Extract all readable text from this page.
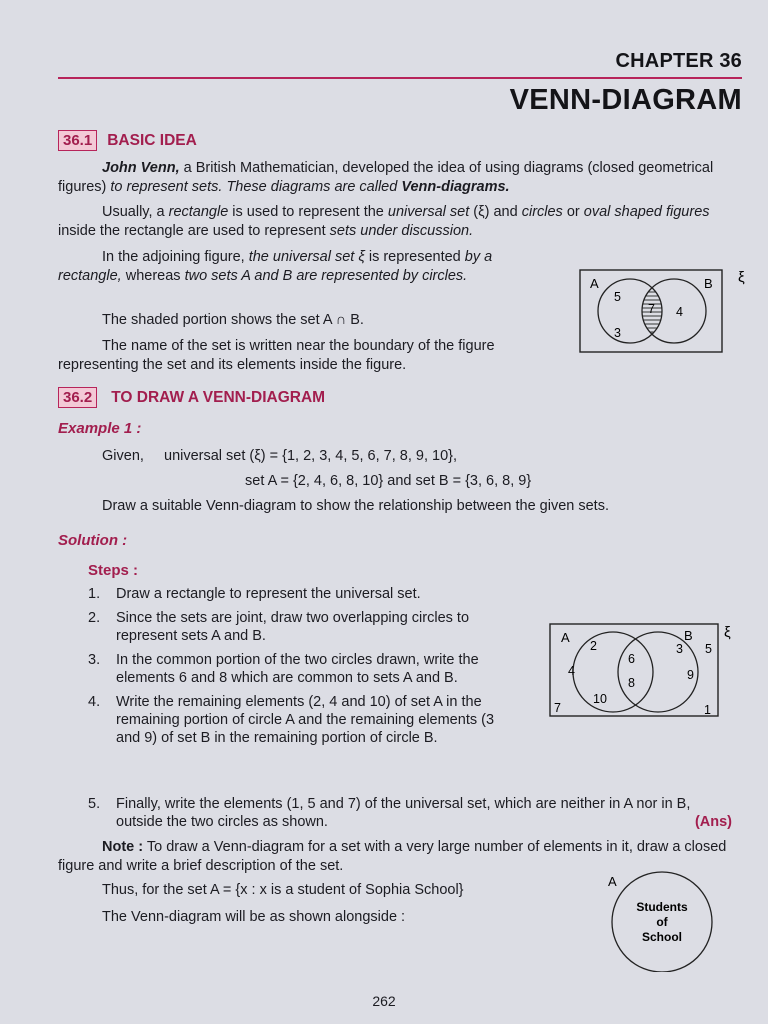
CHAPTER 36
VENN-DIAGRAM
36.1 BASIC IDEA
John Venn, a British Mathematician, developed the idea of using diagrams (closed geometrical figures) to represent sets. These diagrams are called Venn-diagrams.
Usually, a rectangle is used to represent the universal set (ξ) and circles or oval shaped figures inside the rectangle are used to represent sets under discussion.
In the adjoining figure, the universal set ξ is represented by a rectangle, whereas two sets A and B are represented by circles.
The shaded portion shows the set A ∩ B.
The name of the set is written near the boundary of the figure representing the set and its elements inside the figure.
ξ
A	B
5
7 4
3
36.2 TO DRAW A VENN-DIAGRAM
Example 1 :
Given, universal set (ξ) = {1, 2, 3, 4, 5, 6, 7, 8, 9, 10},
set A = {2, 4, 6, 8, 10} and set B = {3, 6, 8, 9}
Draw a suitable Venn-diagram to show the relationship between the given sets.
Solution :
Steps :
1. Draw a rectangle to represent the universal set.
2. Since the sets are joint, draw two overlapping circles to represent sets A and B.
3. In the common portion of the two circles drawn, write the elements 6 and 8 which are common to sets A and B.
4. Write the remaining elements (2, 4 and 10) of set A in the remaining portion of circle A and the remaining elements (3 and 9) of set B in the remaining portion of circle B.
5. Finally, write the elements (1, 5 and 7) of the universal set, which are neither in A nor in B, outside the two circles as shown.	(Ans)
ξ
A	B
2
4
10
6
8
3
9
5
7	1
Note : To draw a Venn-diagram for a set with a very large number of elements in it, draw a closed figure and write a brief description of the set.
Thus, for the set A = {x : x is a student of Sophia School}
The Venn-diagram will be as shown alongside :
A
Students
of
School
262
